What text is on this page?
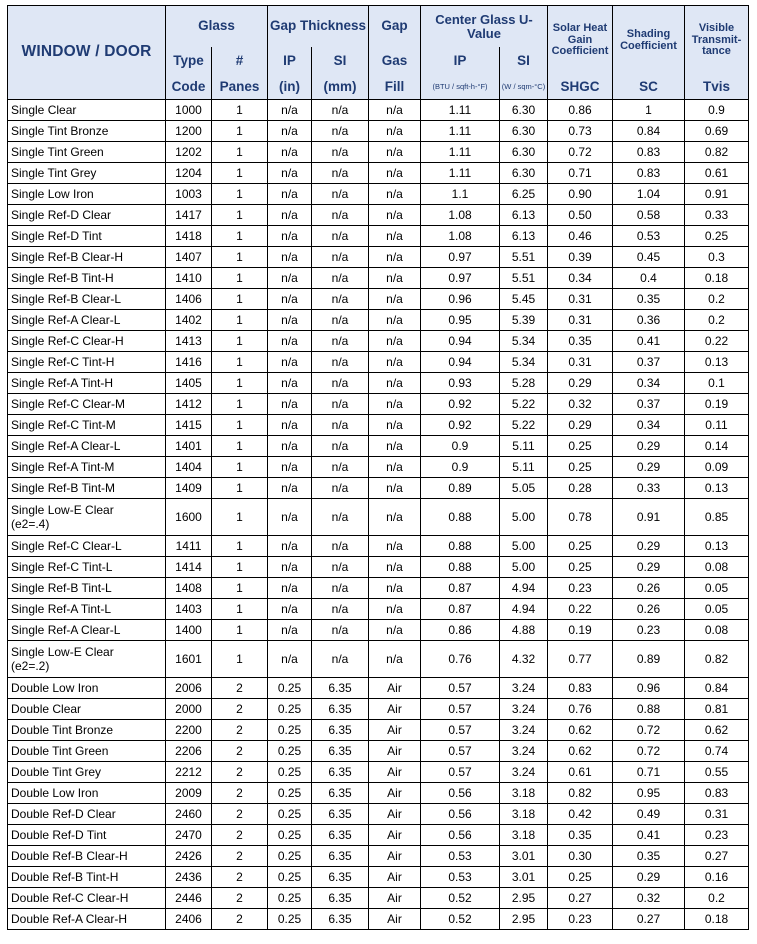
WINDOW / DOOR	Glass		Gap Thickness		Gap	Center Glass U-Value		Solar Heat Gain Coefficient	Shading Coefficient	Visible Transmit-tance
	Type	#	IP	SI	Gas	IP	SI			
	Code	Panes	(in)	(mm)	Fill	(BTU / sqft-h-°F)	(W / sqm-°C)	SHGC	SC	Tvis
Single Clear	1000	1	n/a	n/a	n/a	1.11	6.30	0.86	1	0.9
Single Tint Bronze	1200	1	n/a	n/a	n/a	1.11	6.30	0.73	0.84	0.69
Single Tint Green	1202	1	n/a	n/a	n/a	1.11	6.30	0.72	0.83	0.82
Single Tint Grey	1204	1	n/a	n/a	n/a	1.11	6.30	0.71	0.83	0.61
Single Low Iron	1003	1	n/a	n/a	n/a	1.1	6.25	0.90	1.04	0.91
Single Ref-D Clear	1417	1	n/a	n/a	n/a	1.08	6.13	0.50	0.58	0.33
Single Ref-D Tint	1418	1	n/a	n/a	n/a	1.08	6.13	0.46	0.53	0.25
Single Ref-B Clear-H	1407	1	n/a	n/a	n/a	0.97	5.51	0.39	0.45	0.3
Single Ref-B Tint-H	1410	1	n/a	n/a	n/a	0.97	5.51	0.34	0.4	0.18
Single Ref-B Clear-L	1406	1	n/a	n/a	n/a	0.96	5.45	0.31	0.35	0.2
Single Ref-A Clear-L	1402	1	n/a	n/a	n/a	0.95	5.39	0.31	0.36	0.2
Single Ref-C Clear-H	1413	1	n/a	n/a	n/a	0.94	5.34	0.35	0.41	0.22
Single Ref-C Tint-H	1416	1	n/a	n/a	n/a	0.94	5.34	0.31	0.37	0.13
Single Ref-A Tint-H	1405	1	n/a	n/a	n/a	0.93	5.28	0.29	0.34	0.1
Single Ref-C Clear-M	1412	1	n/a	n/a	n/a	0.92	5.22	0.32	0.37	0.19
Single Ref-C Tint-M	1415	1	n/a	n/a	n/a	0.92	5.22	0.29	0.34	0.11
Single Ref-A Clear-L	1401	1	n/a	n/a	n/a	0.9	5.11	0.25	0.29	0.14
Single Ref-A Tint-M	1404	1	n/a	n/a	n/a	0.9	5.11	0.25	0.29	0.09
Single Ref-B Tint-M	1409	1	n/a	n/a	n/a	0.89	5.05	0.28	0.33	0.13

Single Low-E Clear (e2=.4)	1600	1	n/a	n/a	n/a	0.88	5.00	0.78	0.91	0.85
Single Ref-C Clear-L	1411	1	n/a	n/a	n/a	0.88	5.00	0.25	0.29	0.13
Single Ref-C Tint-L	1414	1	n/a	n/a	n/a	0.88	5.00	0.25	0.29	0.08
Single Ref-B Tint-L	1408	1	n/a	n/a	n/a	0.87	4.94	0.23	0.26	0.05
Single Ref-A Tint-L	1403	1	n/a	n/a	n/a	0.87	4.94	0.22	0.26	0.05
Single Ref-A Clear-L	1400	1	n/a	n/a	n/a	0.86	4.88	0.19	0.23	0.08

Single Low-E Clear (e2=.2)	1601	1	n/a	n/a	n/a	0.76	4.32	0.77	0.89	0.82
Double Low Iron	2006	2	0.25	6.35	Air	0.57	3.24	0.83	0.96	0.84
Double Clear	2000	2	0.25	6.35	Air	0.57	3.24	0.76	0.88	0.81
Double Tint Bronze	2200	2	0.25	6.35	Air	0.57	3.24	0.62	0.72	0.62
Double Tint Green	2206	2	0.25	6.35	Air	0.57	3.24	0.62	0.72	0.74
Double Tint Grey	2212	2	0.25	6.35	Air	0.57	3.24	0.61	0.71	0.55
Double Low Iron	2009	2	0.25	6.35	Air	0.56	3.18	0.82	0.95	0.83
Double Ref-D Clear	2460	2	0.25	6.35	Air	0.56	3.18	0.42	0.49	0.31
Double Ref-D Tint	2470	2	0.25	6.35	Air	0.56	3.18	0.35	0.41	0.23
Double Ref-B Clear-H	2426	2	0.25	6.35	Air	0.53	3.01	0.30	0.35	0.27
Double Ref-B Tint-H	2436	2	0.25	6.35	Air	0.53	3.01	0.25	0.29	0.16
Double Ref-C Clear-H	2446	2	0.25	6.35	Air	0.52	2.95	0.27	0.32	0.2
Double Ref-A Clear-H	2406	2	0.25	6.35	Air	0.52	2.95	0.23	0.27	0.18
